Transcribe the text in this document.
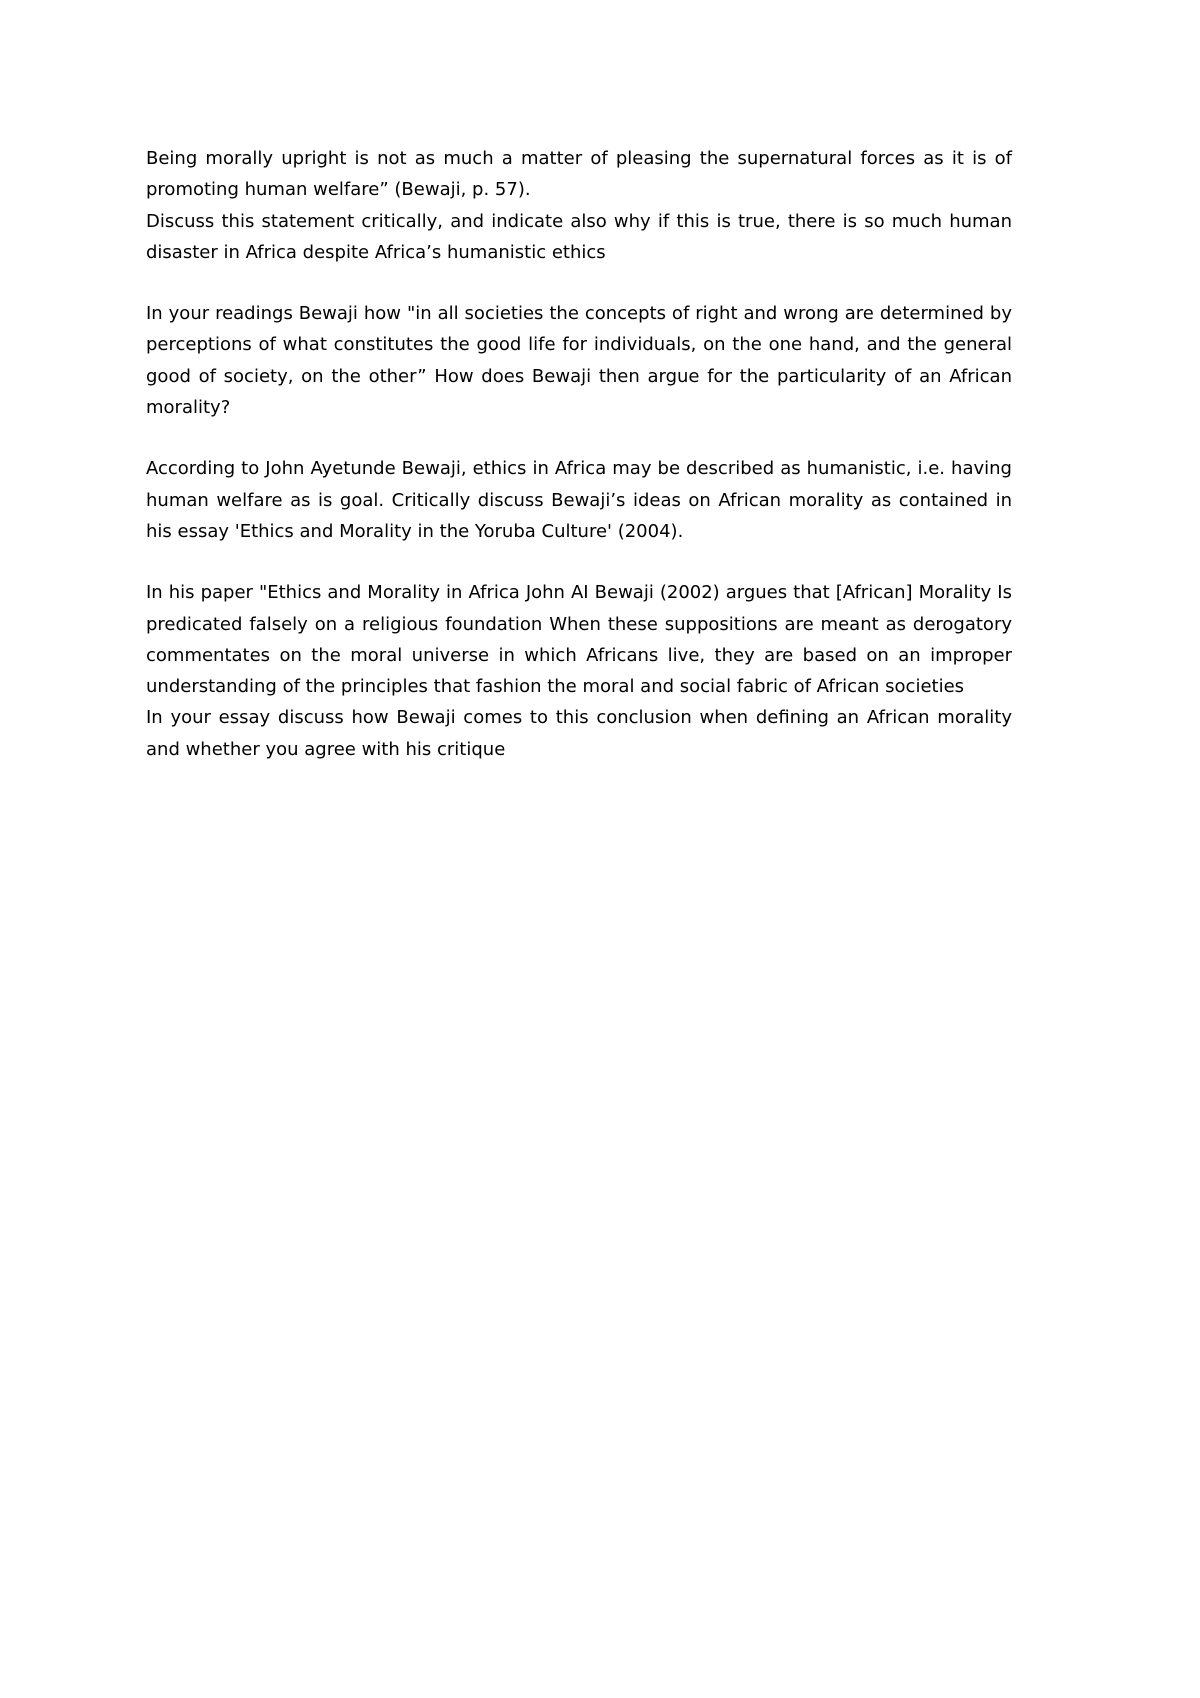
Being morally upright is not as much a matter of pleasing the supernatural forces as it is of promoting human welfare” (Bewaji, p. 57).

Discuss this statement critically, and indicate also why if this is true, there is so much human disaster in Africa despite Africa’s humanistic ethics

In your readings Bewaji how "in all societies the concepts of right and wrong are determined by perceptions of what constitutes the good life for individuals, on the one hand, and the general good of society, on the other” How does Bewaji then argue for the particularity of an African morality?

According to John Ayetunde Bewaji, ethics in Africa may be described as humanistic, i.e. having human welfare as is goal. Critically discuss Bewaji’s ideas on African morality as contained in his essay 'Ethics and Morality in the Yoruba Culture' (2004).

In his paper "Ethics and Morality in Africa John AI Bewaji (2002) argues that [African] Morality Is predicated falsely on a religious foundation When these suppositions are meant as derogatory commentates on the moral universe in which Africans live, they are based on an improper understanding of the principles that fashion the moral and social fabric of African societies

In your essay discuss how Bewaji comes to this conclusion when defining an African morality and whether you agree with his critique
